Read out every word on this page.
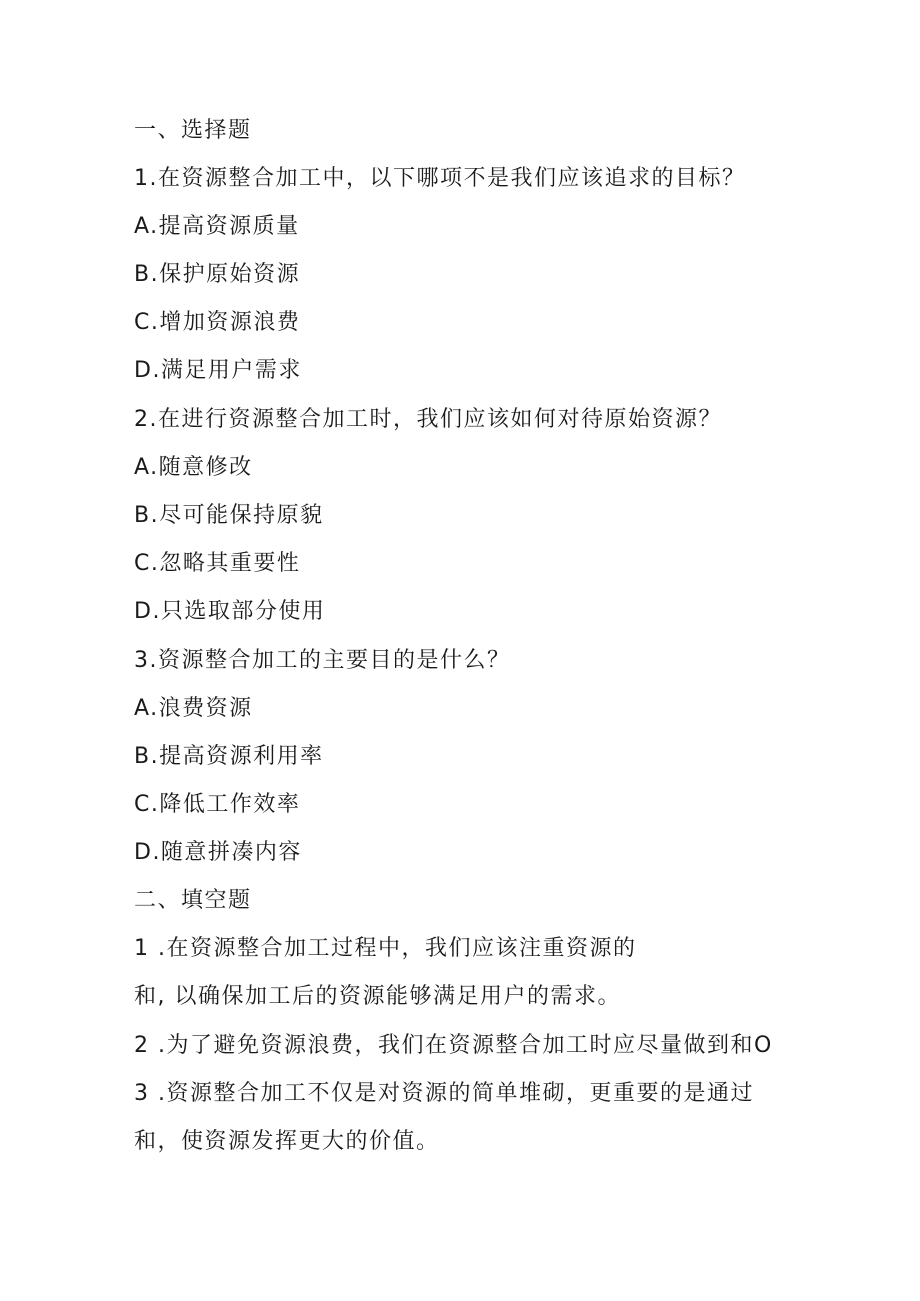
一、选择题
1.在资源整合加工中，以下哪项不是我们应该追求的目标？
A.提高资源质量
B.保护原始资源
C.增加资源浪费
D.满足用户需求
2.在进行资源整合加工时，我们应该如何对待原始资源？
A.随意修改
B.尽可能保持原貌
C.忽略其重要性
D.只选取部分使用
3.资源整合加工的主要目的是什么？
A.浪费资源
B.提高资源利用率
C.降低工作效率
D.随意拼凑内容
二、填空题
1 .在资源整合加工过程中，我们应该注重资源的
和, 以确保加工后的资源能够满足用户的需求。
2 .为了避免资源浪费，我们在资源整合加工时应尽量做到和O
3 .资源整合加工不仅是对资源的简单堆砌，更重要的是通过
和，使资源发挥更大的价值。
